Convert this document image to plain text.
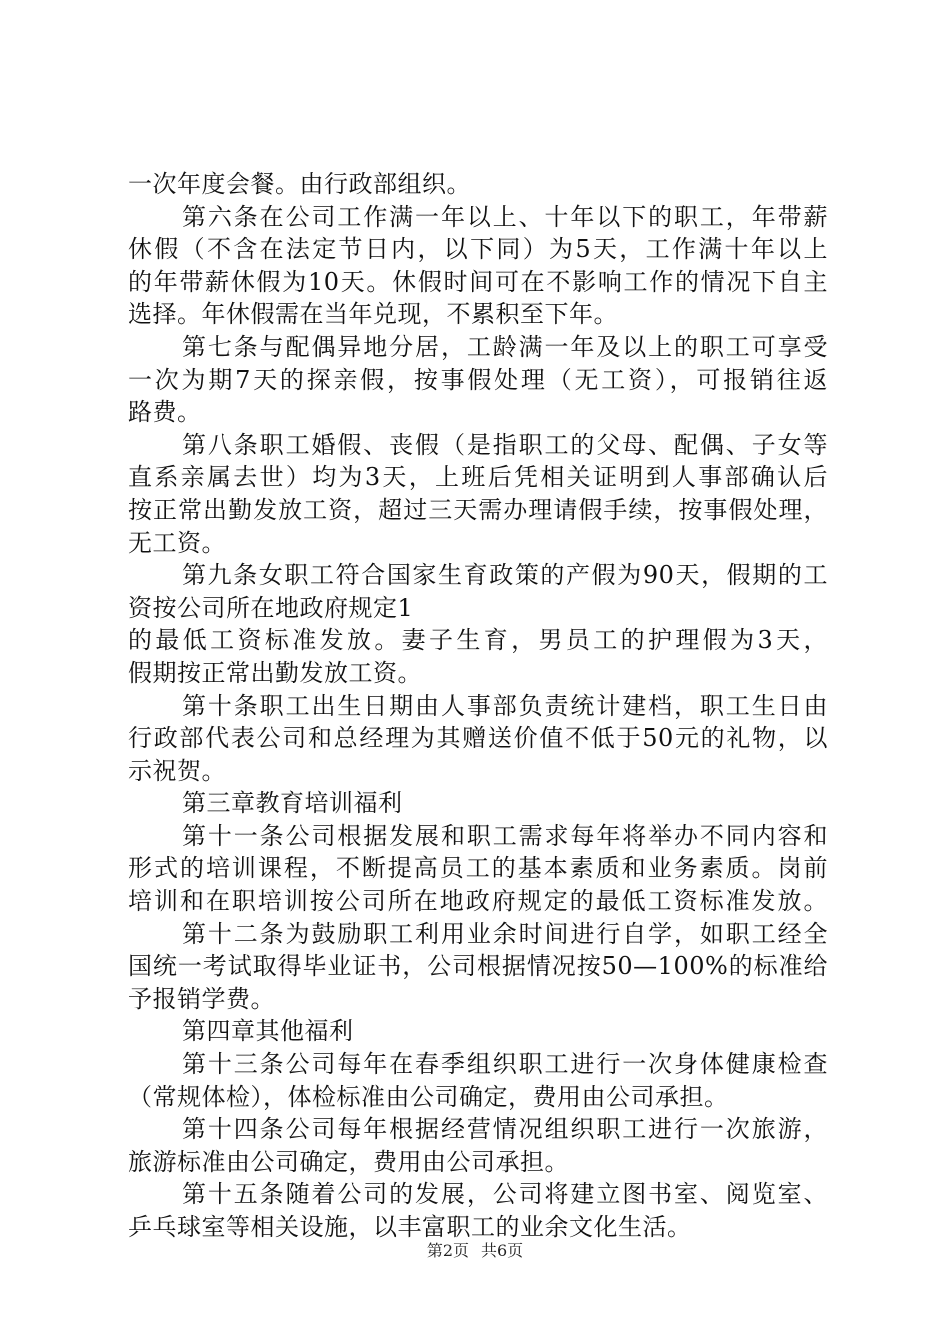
一次年度会餐。由行政部组织。
第六条在公司工作满一年以上、十年以下的职工，年带薪
休假（不含在法定节日内，以下同）为5天，工作满十年以上
的年带薪休假为10天。休假时间可在不影响工作的情况下自主
选择。年休假需在当年兑现，不累积至下年。
第七条与配偶异地分居，工龄满一年及以上的职工可享受
一次为期7天的探亲假，按事假处理（无工资），可报销往返
路费。
第八条职工婚假、丧假（是指职工的父母、配偶、子女等
直系亲属去世）均为3天，上班后凭相关证明到人事部确认后
按正常出勤发放工资，超过三天需办理请假手续，按事假处理，
无工资。
第九条女职工符合国家生育政策的产假为90天，假期的工
资按公司所在地政府规定1
的最低工资标准发放。妻子生育，男员工的护理假为3天，
假期按正常出勤发放工资。
第十条职工出生日期由人事部负责统计建档，职工生日由
行政部代表公司和总经理为其赠送价值不低于50元的礼物，以
示祝贺。
第三章教育培训福利
第十一条公司根据发展和职工需求每年将举办不同内容和
形式的培训课程，不断提高员工的基本素质和业务素质。岗前
培训和在职培训按公司所在地政府规定的最低工资标准发放。
第十二条为鼓励职工利用业余时间进行自学，如职工经全
国统一考试取得毕业证书，公司根据情况按50—100%的标准给
予报销学费。
第四章其他福利
第十三条公司每年在春季组织职工进行一次身体健康检查
（常规体检），体检标准由公司确定，费用由公司承担。
第十四条公司每年根据经营情况组织职工进行一次旅游，
旅游标准由公司确定，费用由公司承担。
第十五条随着公司的发展，公司将建立图书室、阅览室、
乒乓球室等相关设施，以丰富职工的业余文化生活。
第2页 共6页
